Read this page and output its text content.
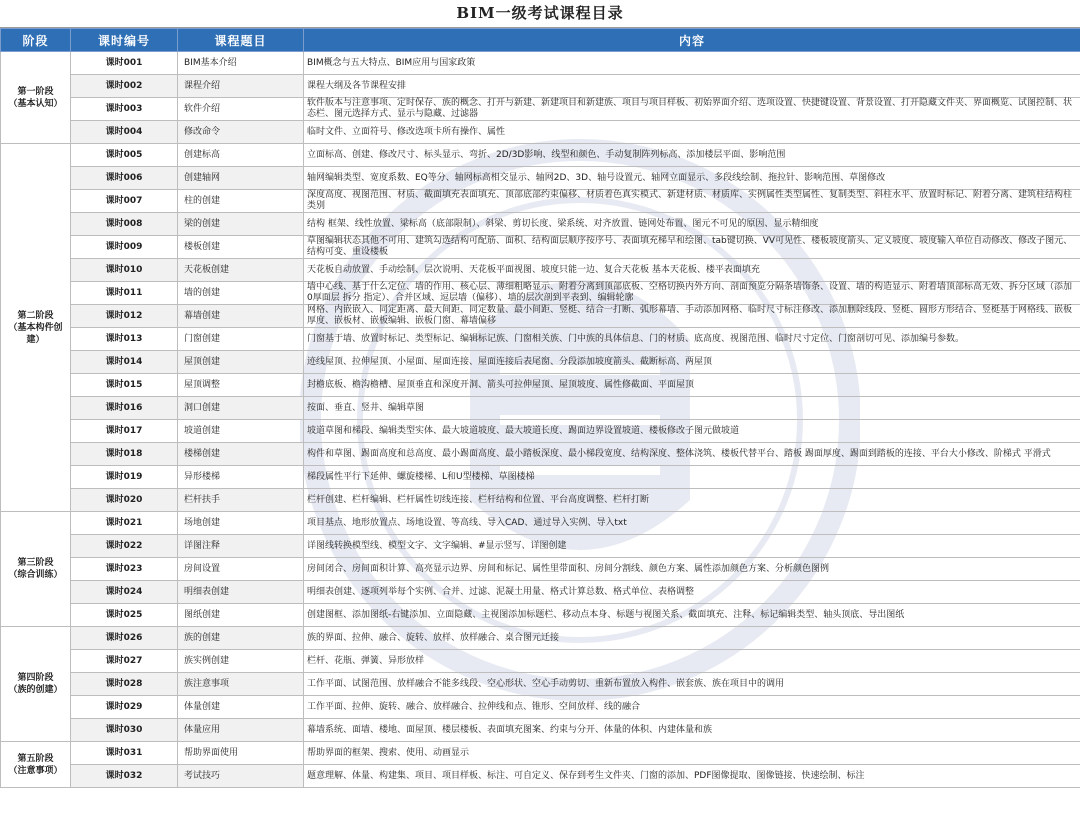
BIM一级考试课程目录
阶段	课时编号	课程题目	内容

第一阶段
（基本认知）	课时001	BIM基本介绍	BIM概念与五大特点、BIM应用与国家政策
	课时002	课程介绍	课程大纲及各节课程安排
	课时003	软件介绍	软件版本与注意事项、定时保存、族的概念、打开与新建、新建项目和新建族、项目与项目样板、初始界面介绍、选项设置、快捷键设置、背景设置、打开隐藏文件夹、界面概览、试图控制、状态栏、图元选择方式、显示与隐藏、过滤器
	课时004	修改命令	临时文件、立面符号、修改选项卡所有操作、属性

第二阶段
（基本构件创建）	课时005	创建标高	立面标高、创建、修改尺寸、标头显示、弯折、2D/3D影响、线型和颜色、手动复制阵列标高、添加楼层平面、影响范围
	课时006	创建轴网	轴网编辑类型、宽度系数、EQ等分、轴网标高相交显示、轴网2D、3D、轴号设置元、轴网立面显示、多段线绘制、拖拉针、影响范围、草图修改
	课时007	柱的创建	深度高度、视图范围、材质、截面填充表面填充、顶部底部约束偏移、材质着色真实模式、新建材质、材质库、实例属性类型属性、复制类型、斜柱水平、放置时标记、附着分离、建筑柱结构柱类别
	课时008	梁的创建	结构 框架、线性放置、梁标高（底部限制）、斜梁、剪切长度、梁系统、对齐放置、链网处布置、图元不可见的原因、显示精细度
	课时009	楼板创建	草图编辑状态其他不可用、建筑勾选结构可配筋、面积、结构面层顺序按序号、表面填充梯早和绘图、tab键切换、VV可见性、楼板坡度箭头、定义坡度、坡度输入单位自动修改、修改子图元、结构可变、重设楼板
	课时010	天花板创建	天花板自动放置、手动绘制、层次说明、天花板平面视图、坡度只能一边、复合天花板 基本天花板、楼平表面填充
	课时011	墙的创建	墙中心线、基于什么定位、墙的作用、核心层、薄细粗略显示、附着分离到顶部底板、空格切换内外方向、剖面预览分隔条墙饰条、设置、墙的构造显示、附着墙顶部标高无效、拆分区域（添加0厚面层 拆分 指定）、合并区域、逗层墙（偏移）、墙的层次剖到平表到、编辑轮廓
	课时012	幕墙创建	网格、内嵌嵌入、同定距离、最大间距、同定数量、最小间距、竖梃、结合一打断、弧形幕墙、手动添加网格、临时尺寸标注修改、添加删除线段、竖梃、圆形方形结合、竖梃基于网格线、嵌板厚度、嵌板材、嵌板编辑、嵌板门窗、幕墙偏移
	课时013	门窗创建	门窗基于墙、放置时标记、类型标记、编辑标记族、门窗相关族、门中族的具体信息、门的材质、底高度、视图范围、临时尺寸定位、门窗剖切可见、添加编号参数。
	课时014	屋顶创建	迹线屋顶、拉伸屋顶、小屋面、屋面连接、屋面连接后表尾窗、分段添加坡度箭头、截断标高、两屋顶
	课时015	屋顶调整	封檐底板、檐沟檐槽、屋顶垂直和深度开洞、箭头可拉伸屋顶、屋顶坡度、属性修截面、平面屋顶
	课时016	洞口创建	按面、垂直、竖井、编辑草图
	课时017	坡道创建	坡道草图和梯段、编辑类型实体、最大坡道坡度、最大坡道长度、踢面边界设置坡道、楼板修改子图元做坡道
	课时018	楼梯创建	构件和草图、踢面高度和总高度、最小踢面高度、最小踏板深度、最小梯段宽度、结构深度、整体浇筑、楼板代替平台、踏板 踢面厚度、踢面到踏板的连接、平台大小修改、阶梯式 平滑式
	课时019	异形楼梯	梯段属性平行下延伸、螺旋楼梯、L和U型楼梯、草图楼梯
	课时020	栏杆扶手	栏杆创建、栏杆编辑、栏杆属性切线连接、栏杆结构和位置、平台高度调整、栏杆打断

第三阶段
（综合训练）	课时021	场地创建	项目基点、地形放置点、场地设置、等高线、导入CAD、通过导入实例、导入txt
	课时022	详图注释	详图线转换模型线、模型文字、文字编辑、#显示竖写、详图创建
	课时023	房间设置	房间闭合、房间面积计算、高亮显示边界、房间和标记、属性里带面积、房间分割线、颜色方案、属性添加颜色方案、分析颜色图例
	课时024	明细表创建	明细表创建、逐项列举每个实例、合并、过滤、泥凝土用量、格式计算总数、格式单位、表格调整
	课时025	图纸创建	创建图框、添加图纸-右键添加、立面隐藏、主视图添加标题栏、移动点本身、标题与视图关系、截面填充、注释、标记编辑类型、轴头顶底、导出图纸

第四阶段
（族的创建）	课时026	族的创建	族的界面、拉伸、融合、旋转、放样、放样融合、桌合图元迁接
	课时027	族实例创建	栏杆、花瓶、弹簧、异形放样
	课时028	族注意事项	工作平面、试图范围、放样融合不能多线段、空心形状、空心手动剪切、重新布置放入构件、嵌套族、族在项目中的调用
	课时029	体量创建	工作平面、拉伸、旋转、融合、放样融合、拉伸线和点、锥形、空间放样、线的融合
	课时030	体量应用	幕墙系统、面墙、楼地、面屋顶、楼层楼板、表面填充图案、约束与分开、体量的体积、内建体量和族

第五阶段
（注意事项）	课时031	帮助界面使用	帮助界面的框架、搜索、使用、动画显示
	课时032	考试技巧	题意理解、体量、构建集、项目、项目样板、标注、可自定义、保存到考生文件夹、门窗的添加、PDF图像提取、图像链接、快速绘制、标注
